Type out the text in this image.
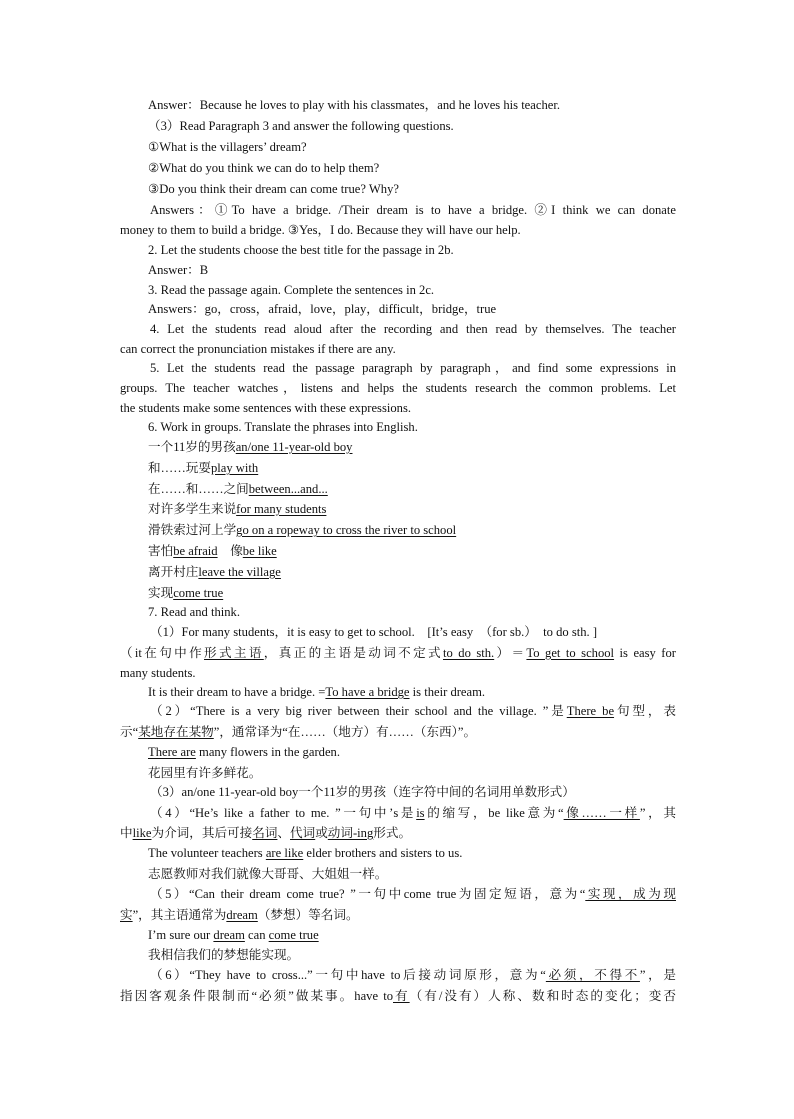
Answer：Because he loves to play with his classmates，and he loves his teacher.
（3）Read Paragraph 3 and answer the following questions.
①What is the villagers’ dream?
②What do you think we can do to help them?
③Do you think their dream can come true? Why?
Answers：①To have a bridge. /Their dream is to have a bridge. ②I think we can donate
money to them to build a bridge. ③Yes，I do. Because they will have our help.
2. Let the students choose the best title for the passage in 2b.
Answer：B
3. Read the passage again. Complete the sentences in 2c.
Answers：go，cross，afraid，love，play，difficult，bridge，true
4. Let the students read aloud after the recording and then read by themselves. The teacher
can correct the pronunciation mistakes if there are any.
5. Let the students read the passage paragraph by paragraph，and find some expressions in
groups. The teacher watches，listens and helps the students research the common problems. Let
the students make some sentences with these expressions.
6. Work in groups. Translate the phrases into English.
一个11岁的男孩an/one 11-year-old boy
和……玩耍play with
在……和……之间between...and...
对许多学生来说for many students
滑铁索过河上学go on a ropeway to cross the river to school
害怕be afraid    像be like
离开村庄leave the village
实现come true
7. Read and think.
（1）For many students，it is easy to get to school.    [It’s easy  （for sb.）  to do sth. ]
（it在句中作形式主语，真正的主语是动词不定式to do sth.）＝To get to school is easy for
many students.
It is their dream to have a bridge. =To have a bridge is their dream.
（2）“There is a very big river between their school and the village. ”是There be句型，表
示“某地存在某物”，通常译为“在……（地方）有……（东西）”。
There are many flowers in the garden.
花园里有许多鲜花。
（3）an/one 11-year-old boy一个11岁的男孩（连字符中间的名词用单数形式）
（4）“He’s like a father to me. ”一句中’s是is的缩写，be like意为“像……一样”，其
中like为介词，其后可接名词、代词或动词-ing形式。
The volunteer teachers are like elder brothers and sisters to us.
志愿教师对我们就像大哥哥、大姐姐一样。
（5）“Can their dream come true? ”一句中come true为固定短语，意为“实现，成为现
实”，其主语通常为dream（梦想）等名词。
I’m sure our dream can come true
我相信我们的梦想能实现。
（6）“They have to cross...”一句中have to后接动词原形，意为“必须，不得不”，是
指因客观条件限制而“必须”做某事。have to有（有/没有）人称、数和时态的变化；变否
